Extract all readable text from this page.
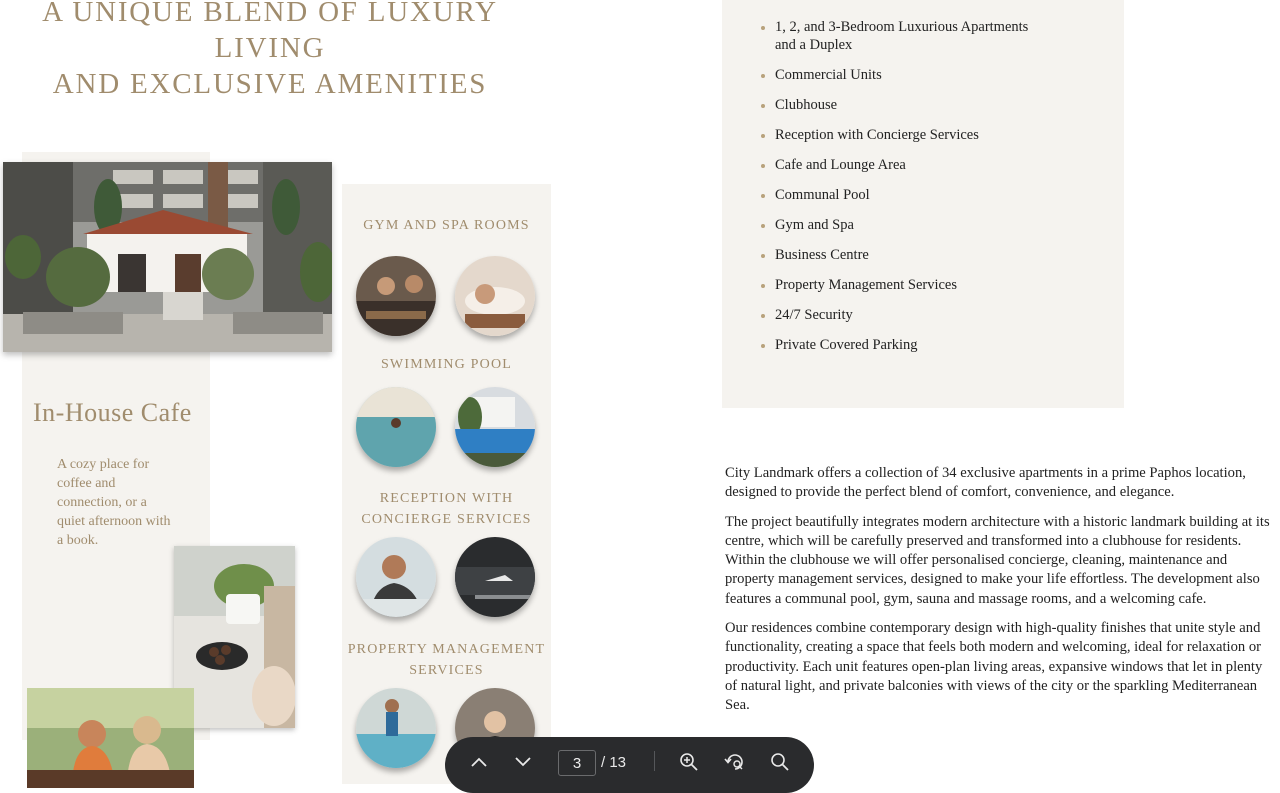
A UNIQUE BLEND OF LUXURY LIVING
AND EXCLUSIVE AMENITIES
In-House Cafe
A cozy place for coffee and connection, or a quiet afternoon with a book.
GYM AND SPA ROOMS
SWIMMING POOL
RECEPTION WITH
CONCIERGE SERVICES
PROPERTY MANAGEMENT
SERVICES
1, 2, and 3-Bedroom Luxurious Apartments and a Duplex
Commercial Units
Clubhouse
Reception with Concierge Services
Cafe and Lounge Area
Communal Pool
Gym and Spa
Business Centre
Property Management Services
24/7 Security
Private Covered Parking

City Landmark offers a collection of 34 exclusive apartments in a prime Paphos location, designed to provide the perfect blend of comfort, convenience, and elegance.

The project beautifully integrates modern architecture with a historic landmark building at its centre, which will be carefully preserved and transformed into a clubhouse for residents. Within the clubhouse we will offer personalised concierge, cleaning, maintenance and property management services, designed to make your life effortless. The development also features a communal pool, gym, sauna and massage rooms, and a welcoming cafe.

Our residences combine contemporary design with high-quality finishes that unite style and functionality, creating a space that feels both modern and welcoming, ideal for relaxation or productivity. Each unit features open-plan living areas, expansive windows that let in plenty of natural light, and private balconies with views of the city or the sparkling Mediterranean Sea.

3
/ 13
